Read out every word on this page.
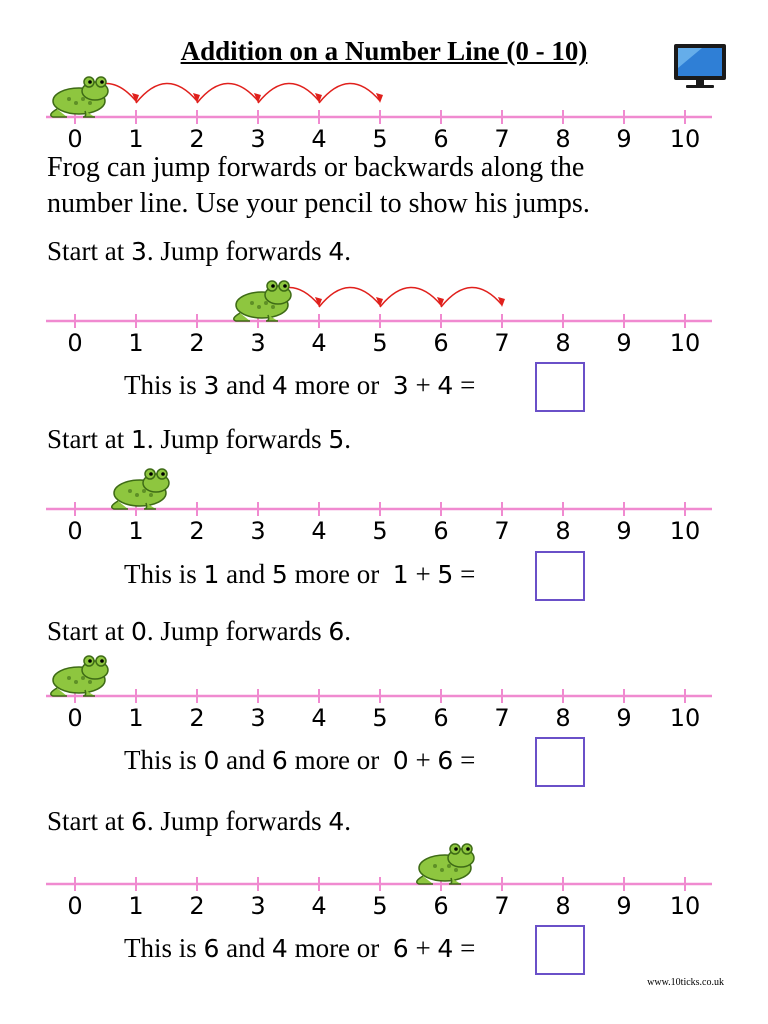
Addition on a Number Line (0 - 10)
0 1 2 3 4 5 6 7 8 9 10
Frog can jump forwards or backwards along the
number line. Use your pencil to show his jumps.
Start at 3. Jump forwards 4.
0 1 2 3 4 5 6 7 8 9 10
This is 3 and 4 more or  3 + 4 =
Start at 1. Jump forwards 5.
0 1 2 3 4 5 6 7 8 9 10
This is 1 and 5 more or  1 + 5 =
Start at 0. Jump forwards 6.
0 1 2 3 4 5 6 7 8 9 10
This is 0 and 6 more or  0 + 6 =
Start at 6. Jump forwards 4.
0 1 2 3 4 5 6 7 8 9 10
This is 6 and 4 more or  6 + 4 =
www.10ticks.co.uk
